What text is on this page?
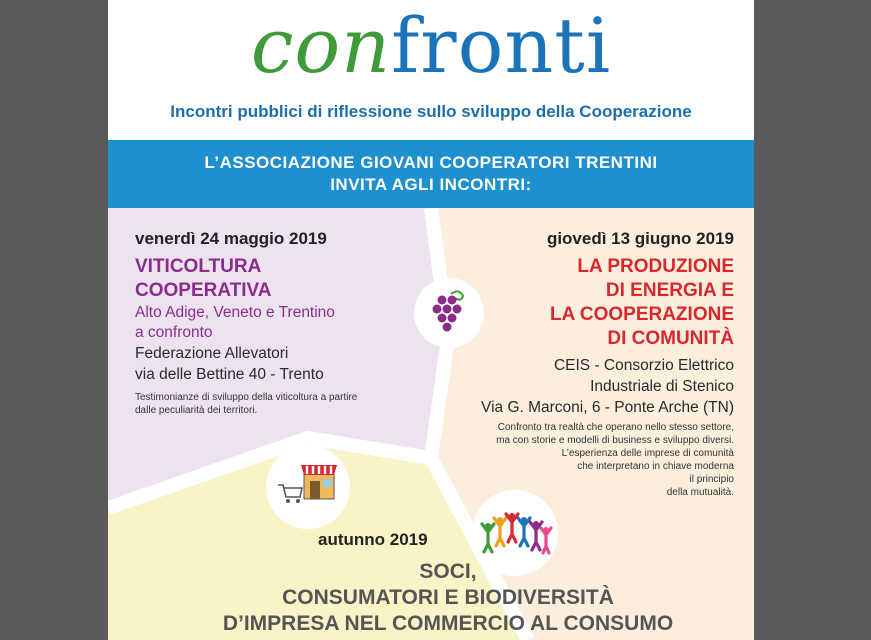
confronti
Incontri pubblici di riflessione sullo sviluppo della Cooperazione
L’ASSOCIAZIONE GIOVANI COOPERATORI TRENTINI
INVITA AGLI INCONTRI:
venerdì 24 maggio 2019
VITICOLTURA
COOPERATIVA
Alto Adige, Veneto e Trentino
a confronto
Federazione Allevatori
via delle Bettine 40 - Trento
Testimonianze di sviluppo della viticoltura a partire
dalle peculiarità dei territori.
giovedì 13 giugno 2019
LA PRODUZIONE
DI ENERGIA E
LA COOPERAZIONE
DI COMUNITÀ
CEIS - Consorzio Elettrico
Industriale di Stenico
Via G. Marconi, 6 - Ponte Arche (TN)
Confronto tra realtà che operano nello stesso settore,
ma con storie e modelli di business e sviluppo diversi.
L’esperienza delle imprese di comunità
che interpretano in chiave moderna
il principio
della mutualità.
autunno 2019
SOCI,
CONSUMATORI E BIODIVERSITÀ
D’IMPRESA NEL COMMERCIO AL CONSUMO
